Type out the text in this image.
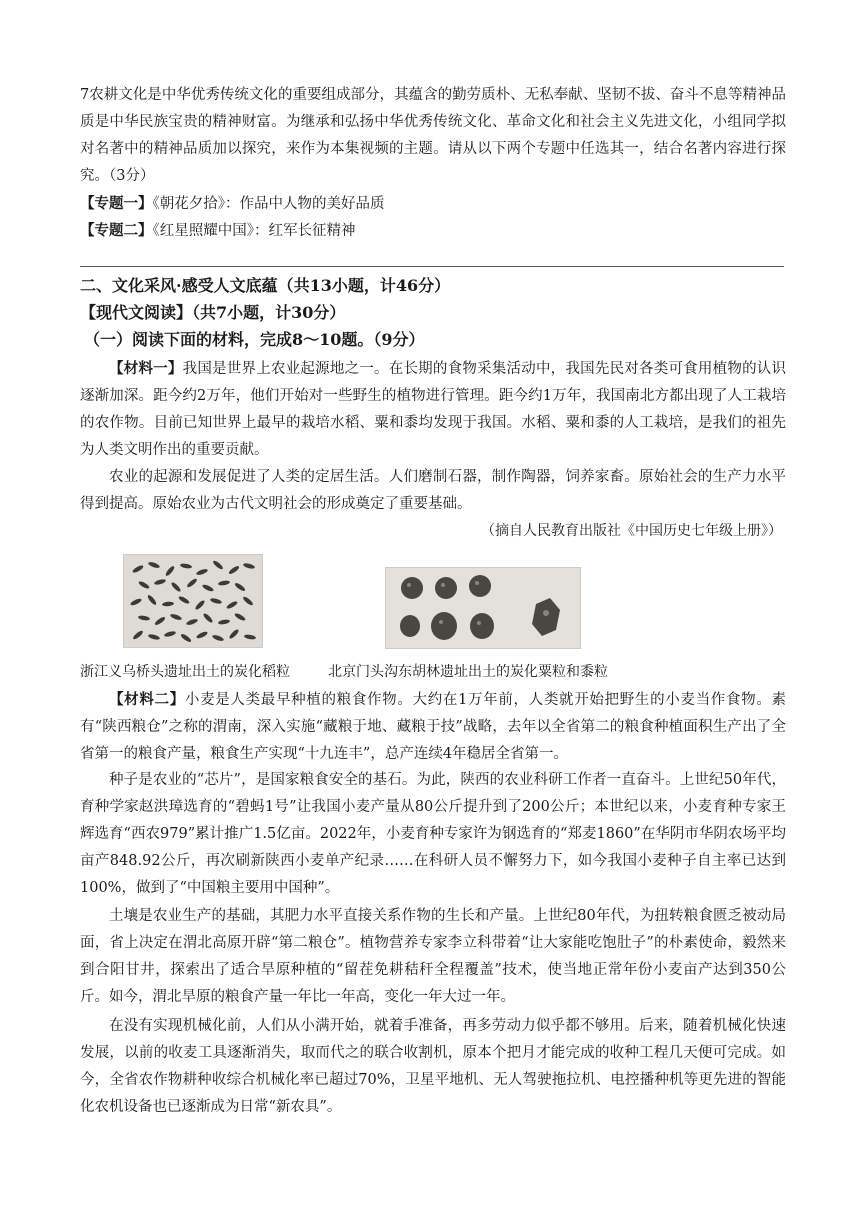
7农耕文化是中华优秀传统文化的重要组成部分，其蕴含的勤劳质朴、无私奉献、坚韧不拔、奋斗不息等精神品质是中华民族宝贵的精神财富。为继承和弘扬中华优秀传统文化、革命文化和社会主义先进文化，小组同学拟对名著中的精神品质加以探究，来作为本集视频的主题。请从以下两个专题中任选其一，结合名著内容进行探究。（3分）
【专题一】《朝花夕拾》：作品中人物的美好品质
【专题二】《红星照耀中国》：红军长征精神
二、文化采风·感受人文底蕴（共13小题，计46分）
【现代文阅读】（共7小题，计30分）
（一）阅读下面的材料，完成8～10题。（9分）
【材料一】我国是世界上农业起源地之一。在长期的食物采集活动中，我国先民对各类可食用植物的认识逐渐加深。距今约2万年，他们开始对一些野生的植物进行管理。距今约1万年，我国南北方都出现了人工栽培的农作物。目前已知世界上最早的栽培水稻、粟和黍均发现于我国。水稻、粟和黍的人工栽培，是我们的祖先为人类文明作出的重要贡献。
农业的起源和发展促进了人类的定居生活。人们磨制石器，制作陶器，饲养家畜。原始社会的生产力水平得到提高。原始农业为古代文明社会的形成奠定了重要基础。
（摘自人民教育出版社《中国历史七年级上册》）
浙江义乌桥头遗址出土的炭化稻粒	北京门头沟东胡林遗址出土的炭化粟粒和黍粒
【材料二】小麦是人类最早种植的粮食作物。大约在1万年前，人类就开始把野生的小麦当作食物。素有“陕西粮仓”之称的渭南，深入实施“藏粮于地、藏粮于技”战略，去年以全省第二的粮食种植面积生产出了全省第一的粮食产量，粮食生产实现“十九连丰”，总产连续4年稳居全省第一。
种子是农业的“芯片”，是国家粮食安全的基石。为此，陕西的农业科研工作者一直奋斗。上世纪50年代，育种学家赵洪璋选育的“碧蚂1号”让我国小麦产量从80公斤提升到了200公斤；本世纪以来，小麦育种专家王辉选育“西农979”累计推广1.5亿亩。2022年，小麦育种专家许为钢选育的“郑麦1860”在华阴市华阴农场平均亩产848.92公斤，再次刷新陕西小麦单产纪录……在科研人员不懈努力下，如今我国小麦种子自主率已达到100%，做到了“中国粮主要用中国种”。
土壤是农业生产的基础，其肥力水平直接关系作物的生长和产量。上世纪80年代，为扭转粮食匮乏被动局面，省上决定在渭北高原开辟“第二粮仓”。植物营养专家李立科带着“让大家能吃饱肚子”的朴素使命，毅然来到合阳甘井，探索出了适合旱原种植的“留茬免耕秸秆全程覆盖”技术，使当地正常年份小麦亩产达到350公斤。如今，渭北旱原的粮食产量一年比一年高，变化一年大过一年。
在没有实现机械化前，人们从小满开始，就着手准备，再多劳动力似乎都不够用。后来，随着机械化快速发展，以前的收麦工具逐渐消失，取而代之的联合收割机，原本个把月才能完成的收种工程几天便可完成。如今，全省农作物耕种收综合机械化率已超过70%，卫星平地机、无人驾驶拖拉机、电控播种机等更先进的智能化农机设备也已逐渐成为日常“新农具”。
